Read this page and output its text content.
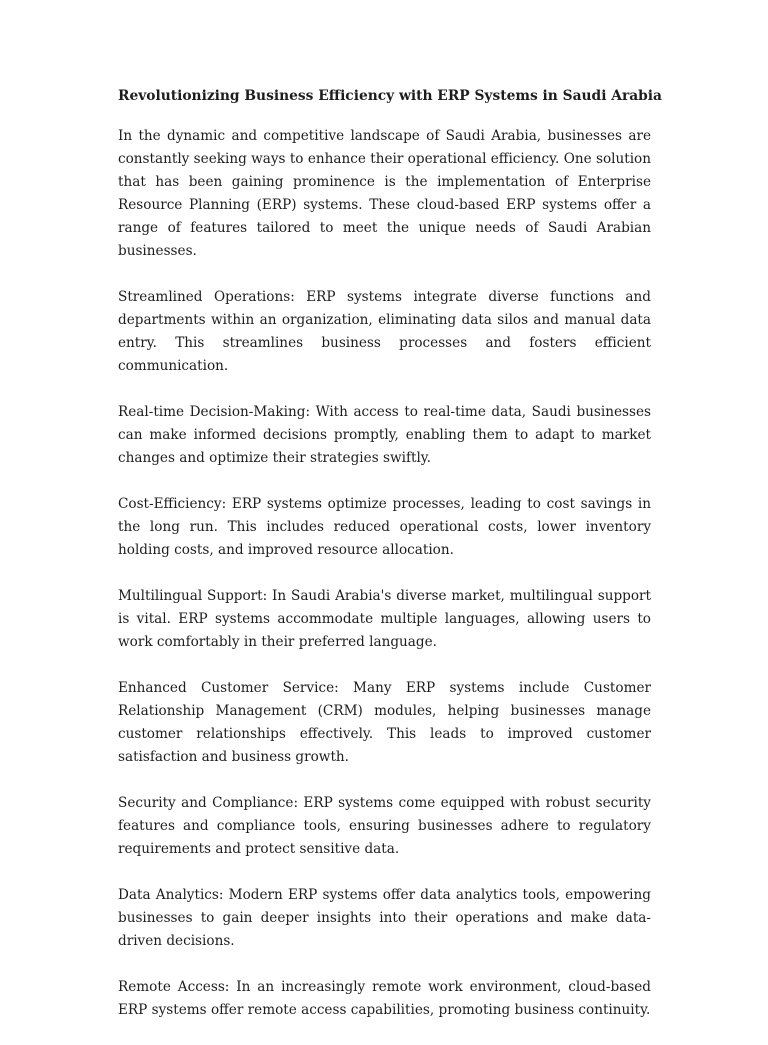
Revolutionizing Business Efficiency with ERP Systems in Saudi Arabia

In the dynamic and competitive landscape of Saudi Arabia, businesses are constantly seeking ways to enhance their operational efficiency. One solution that has been gaining prominence is the implementation of Enterprise Resource Planning (ERP) systems. These cloud-based ERP systems offer a range of features tailored to meet the unique needs of Saudi Arabian businesses.

Streamlined Operations: ERP systems integrate diverse functions and departments within an organization, eliminating data silos and manual data entry. This streamlines business processes and fosters efficient communication.

Real-time Decision-Making: With access to real-time data, Saudi businesses can make informed decisions promptly, enabling them to adapt to market changes and optimize their strategies swiftly.

Cost-Efficiency: ERP systems optimize processes, leading to cost savings in the long run. This includes reduced operational costs, lower inventory holding costs, and improved resource allocation.

Multilingual Support: In Saudi Arabia's diverse market, multilingual support is vital. ERP systems accommodate multiple languages, allowing users to work comfortably in their preferred language.

Enhanced Customer Service: Many ERP systems include Customer Relationship Management (CRM) modules, helping businesses manage customer relationships effectively. This leads to improved customer satisfaction and business growth.

Security and Compliance: ERP systems come equipped with robust security features and compliance tools, ensuring businesses adhere to regulatory requirements and protect sensitive data.

Data Analytics: Modern ERP systems offer data analytics tools, empowering businesses to gain deeper insights into their operations and make data-driven decisions.

Remote Access: In an increasingly remote work environment, cloud-based ERP systems offer remote access capabilities, promoting business continuity.
